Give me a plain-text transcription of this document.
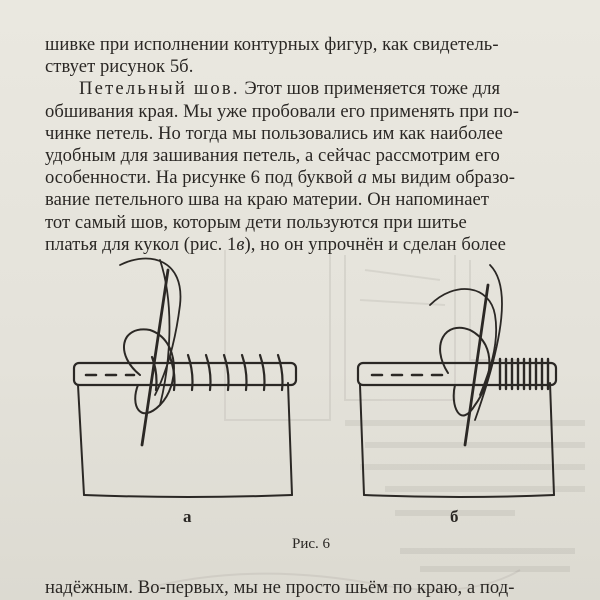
шивке при исполнении контурных фигур, как свидетель-
ствует рисунок 5б.
Петельный шов. Этот шов применяется тоже для
обшивания края. Мы уже пробовали его применять при по-
чинке петель. Но тогда мы пользовались им как наиболее
удобным для зашивания петель, а сейчас рассмотрим его
особенности. На рисунке 6 под буквой а мы видим образо-
вание петельного шва на краю материи. Он напоминает
тот самый шов, которым дети пользуются при шитье
платья для кукол (рис. 1в), но он упрочнён и сделан более
а	б
Рис. 6
надёжным. Во-первых, мы не просто шьём по краю, а под-
